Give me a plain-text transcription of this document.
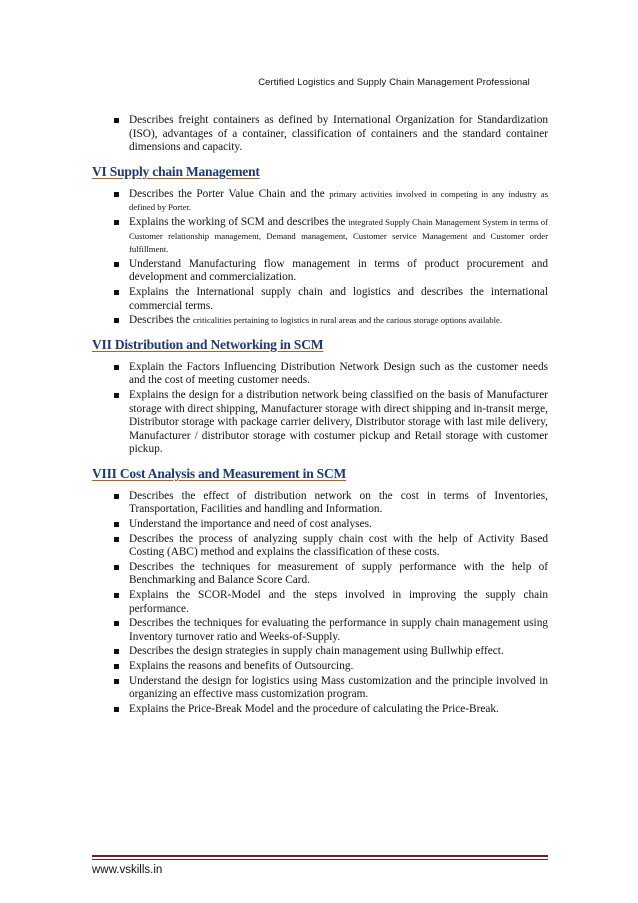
Certified Logistics and Supply Chain Management Professional
Describes freight containers as defined by International Organization for Standardization (ISO), advantages of a container, classification of containers and the standard container dimensions and capacity.
VI Supply chain Management
Describes the Porter Value Chain and the primary activities involved in competing in any industry as defined by Porter.
Explains the working of SCM and describes the integrated Supply Chain Management System in terms of Customer relationship management, Demand management, Customer service Management and Customer order fulfillment.
Understand Manufacturing flow management in terms of product procurement and development and commercialization.
Explains the International supply chain and logistics and describes the international commercial terms.
Describes the criticalities pertaining to logistics in rural areas and the carious storage options available.
VII Distribution and Networking in SCM
Explain the Factors Influencing Distribution Network Design such as the customer needs and the cost of meeting customer needs.
Explains the design for a distribution network being classified on the basis of Manufacturer storage with direct shipping, Manufacturer storage with direct shipping and in-transit merge, Distributor storage with package carrier delivery, Distributor storage with last mile delivery, Manufacturer / distributor storage with costumer pickup and Retail storage with customer pickup.
VIII Cost Analysis and Measurement in SCM
Describes the effect of distribution network on the cost in terms of Inventories, Transportation, Facilities and handling and Information.
Understand the importance and need of cost analyses.
Describes the process of analyzing supply chain cost with the help of Activity Based Costing (ABC) method and explains the classification of these costs.
Describes the techniques for measurement of supply performance with the help of Benchmarking and Balance Score Card.
Explains the SCOR-Model and the steps involved in improving the supply chain performance.
Describes the techniques for evaluating the performance in supply chain management using Inventory turnover ratio and Weeks-of-Supply.
Describes the design strategies in supply chain management using Bullwhip effect.
Explains the reasons and benefits of Outsourcing.
Understand the design for logistics using Mass customization and the principle involved in organizing an effective mass customization program.
Explains the Price-Break Model and the procedure of calculating the Price-Break.
www.vskills.in
